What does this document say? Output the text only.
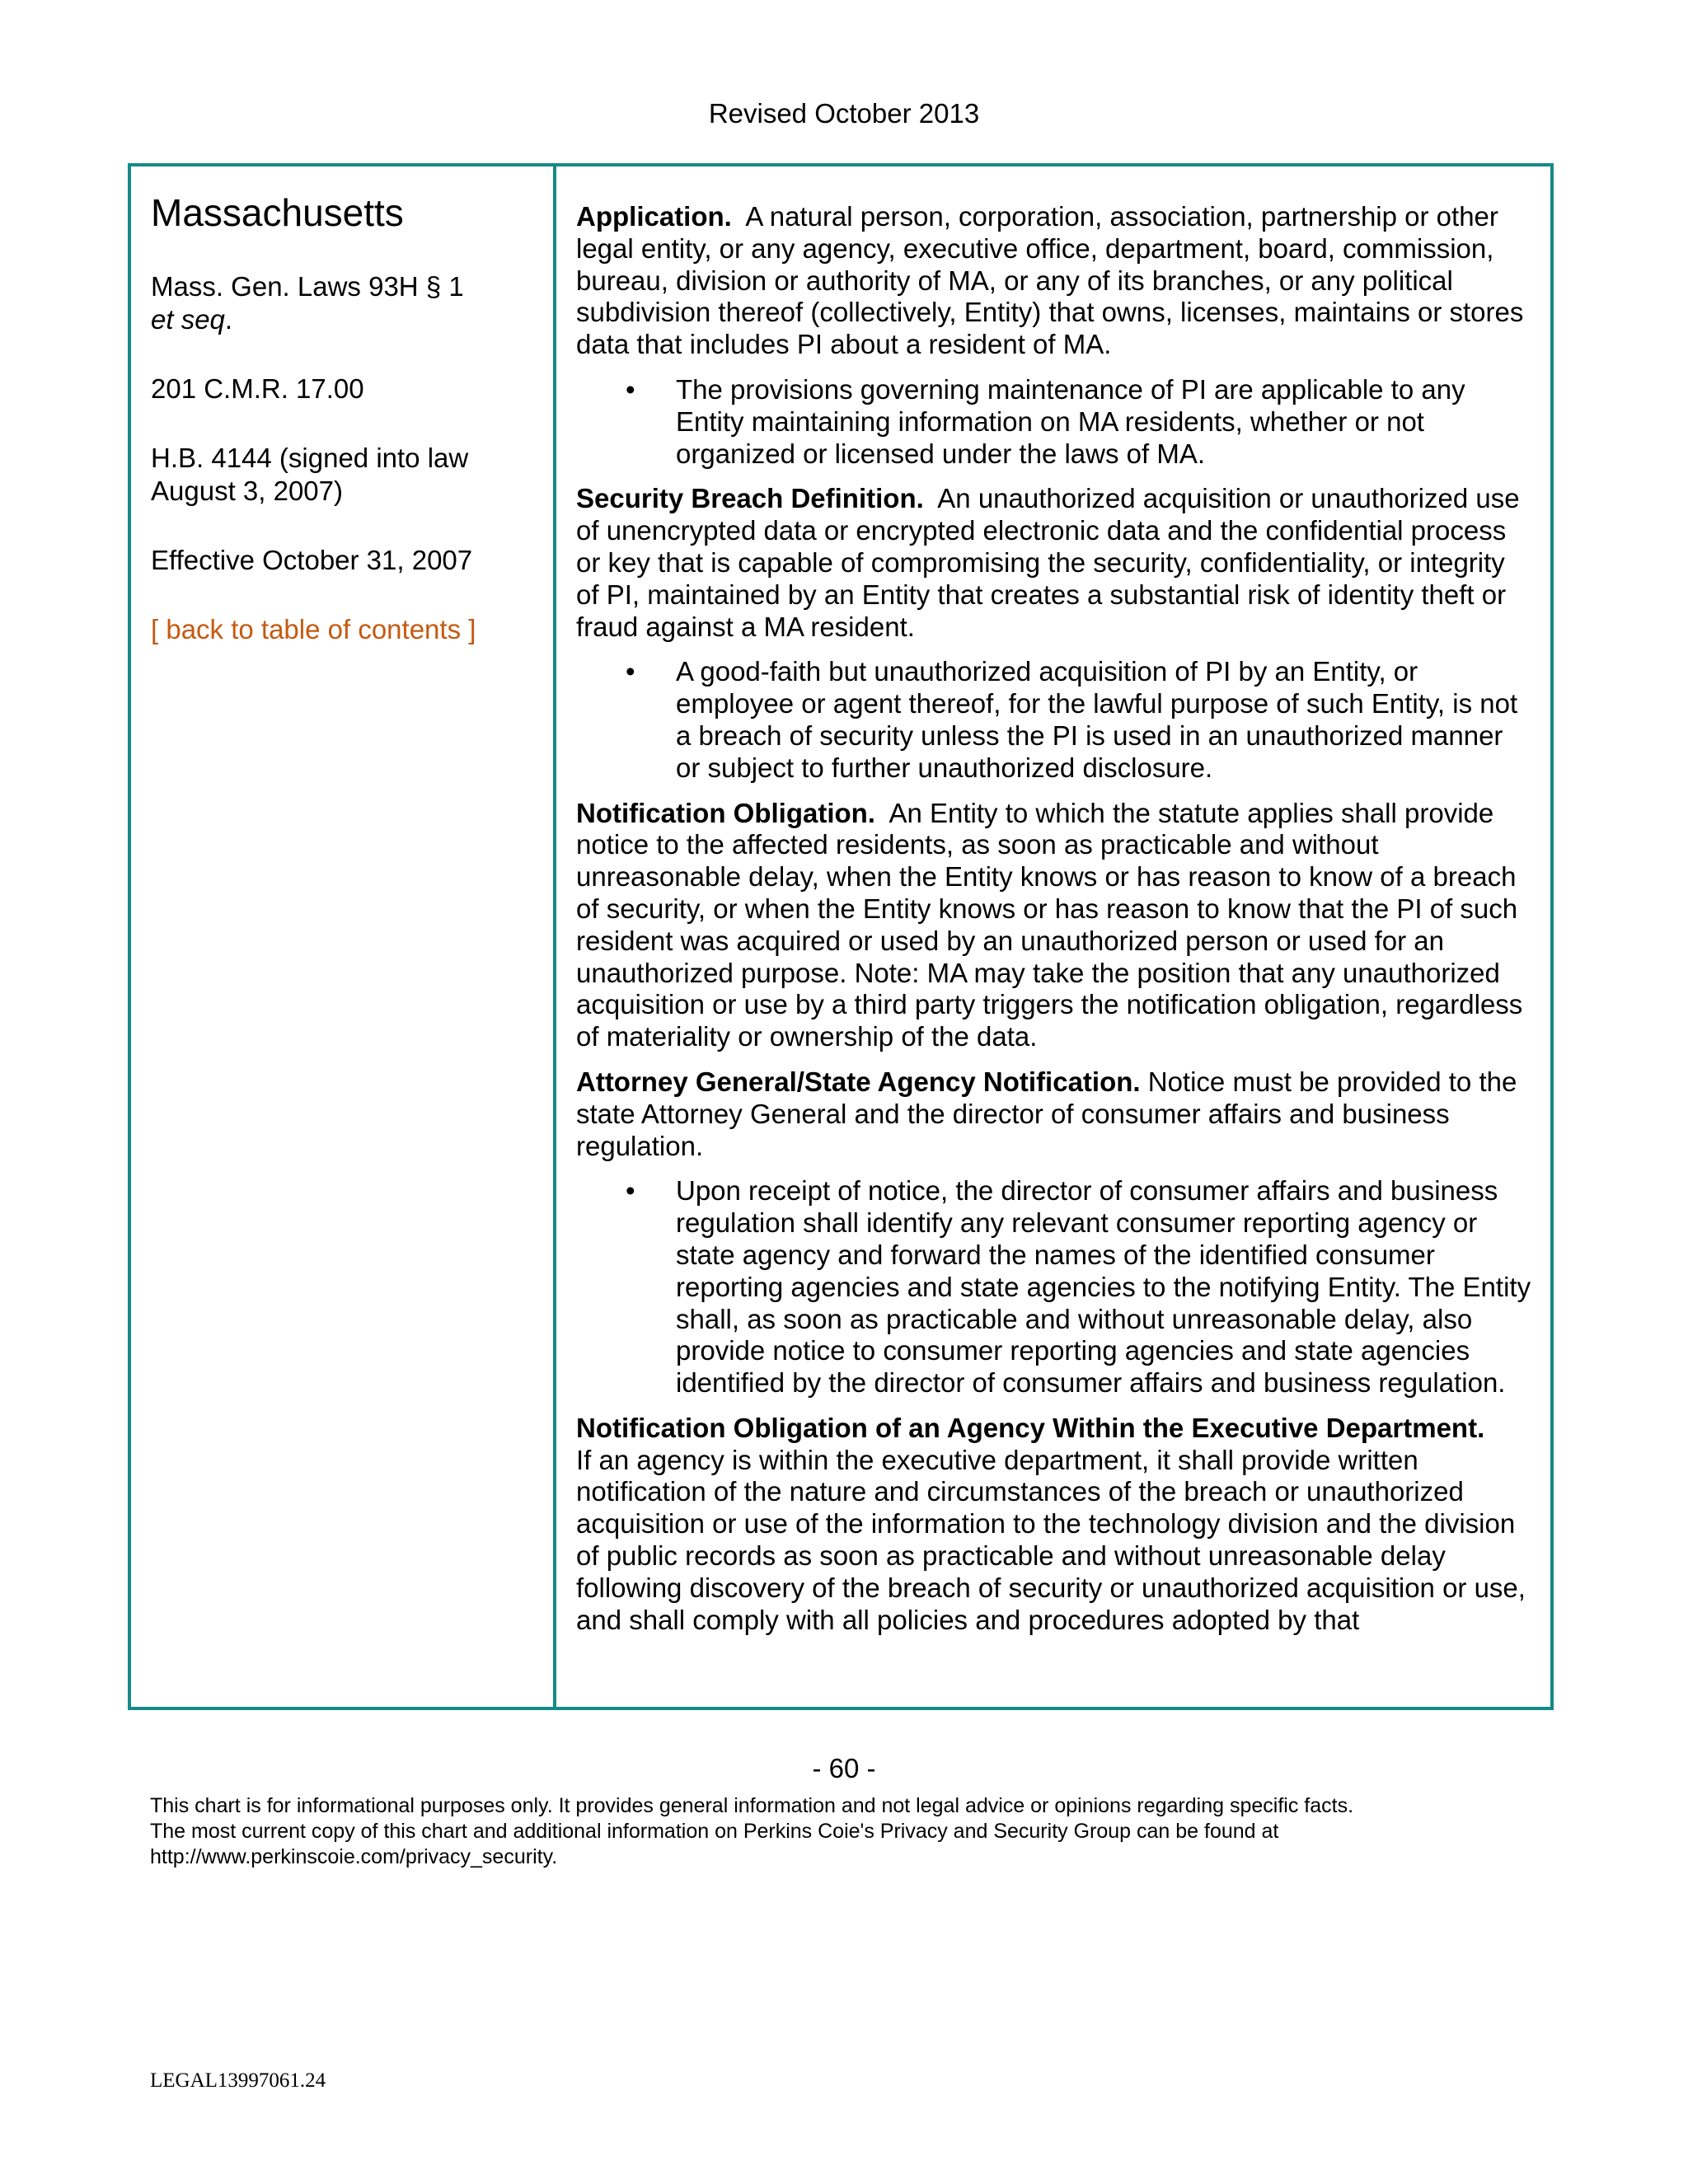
Revised October 2013
Massachusetts
Mass. Gen. Laws 93H § 1
et seq.
201 C.M.R. 17.00
H.B. 4144 (signed into law August 3, 2007)
Effective October 31, 2007
[ back to table of contents ]

Application.  A natural person, corporation, association, partnership or other legal entity, or any agency, executive office, department, board, commission, bureau, division or authority of MA, or any of its branches, or any political subdivision thereof (collectively, Entity) that owns, licenses, maintains or stores data that includes PI about a resident of MA.

•	The provisions governing maintenance of PI are applicable to any Entity maintaining information on MA residents, whether or not organized or licensed under the laws of MA.

Security Breach Definition.  An unauthorized acquisition or unauthorized use of unencrypted data or encrypted electronic data and the confidential process or key that is capable of compromising the security, confidentiality, or integrity of PI, maintained by an Entity that creates a substantial risk of identity theft or fraud against a MA resident.

•	A good-faith but unauthorized acquisition of PI by an Entity, or employee or agent thereof, for the lawful purpose of such Entity, is not a breach of security unless the PI is used in an unauthorized manner or subject to further unauthorized disclosure.

Notification Obligation.  An Entity to which the statute applies shall provide notice to the affected residents, as soon as practicable and without unreasonable delay, when the Entity knows or has reason to know of a breach of security, or when the Entity knows or has reason to know that the PI of such resident was acquired or used by an unauthorized person or used for an unauthorized purpose. Note: MA may take the position that any unauthorized acquisition or use by a third party triggers the notification obligation, regardless of materiality or ownership of the data.

Attorney General/State Agency Notification. Notice must be provided to the state Attorney General and the director of consumer affairs and business regulation.

•	Upon receipt of notice, the director of consumer affairs and business regulation shall identify any relevant consumer reporting agency or state agency and forward the names of the identified consumer reporting agencies and state agencies to the notifying Entity. The Entity shall, as soon as practicable and without unreasonable delay, also provide notice to consumer reporting agencies and state agencies identified by the director of consumer affairs and business regulation.

Notification Obligation of an Agency Within the Executive Department.
If an agency is within the executive department, it shall provide written notification of the nature and circumstances of the breach or unauthorized acquisition or use of the information to the technology division and the division of public records as soon as practicable and without unreasonable delay following discovery of the breach of security or unauthorized acquisition or use, and shall comply with all policies and procedures adopted by that

- 60 -
This chart is for informational purposes only. It provides general information and not legal advice or opinions regarding specific facts.
The most current copy of this chart and additional information on Perkins Coie's Privacy and Security Group can be found at
http://www.perkinscoie.com/privacy_security.
LEGAL13997061.24
